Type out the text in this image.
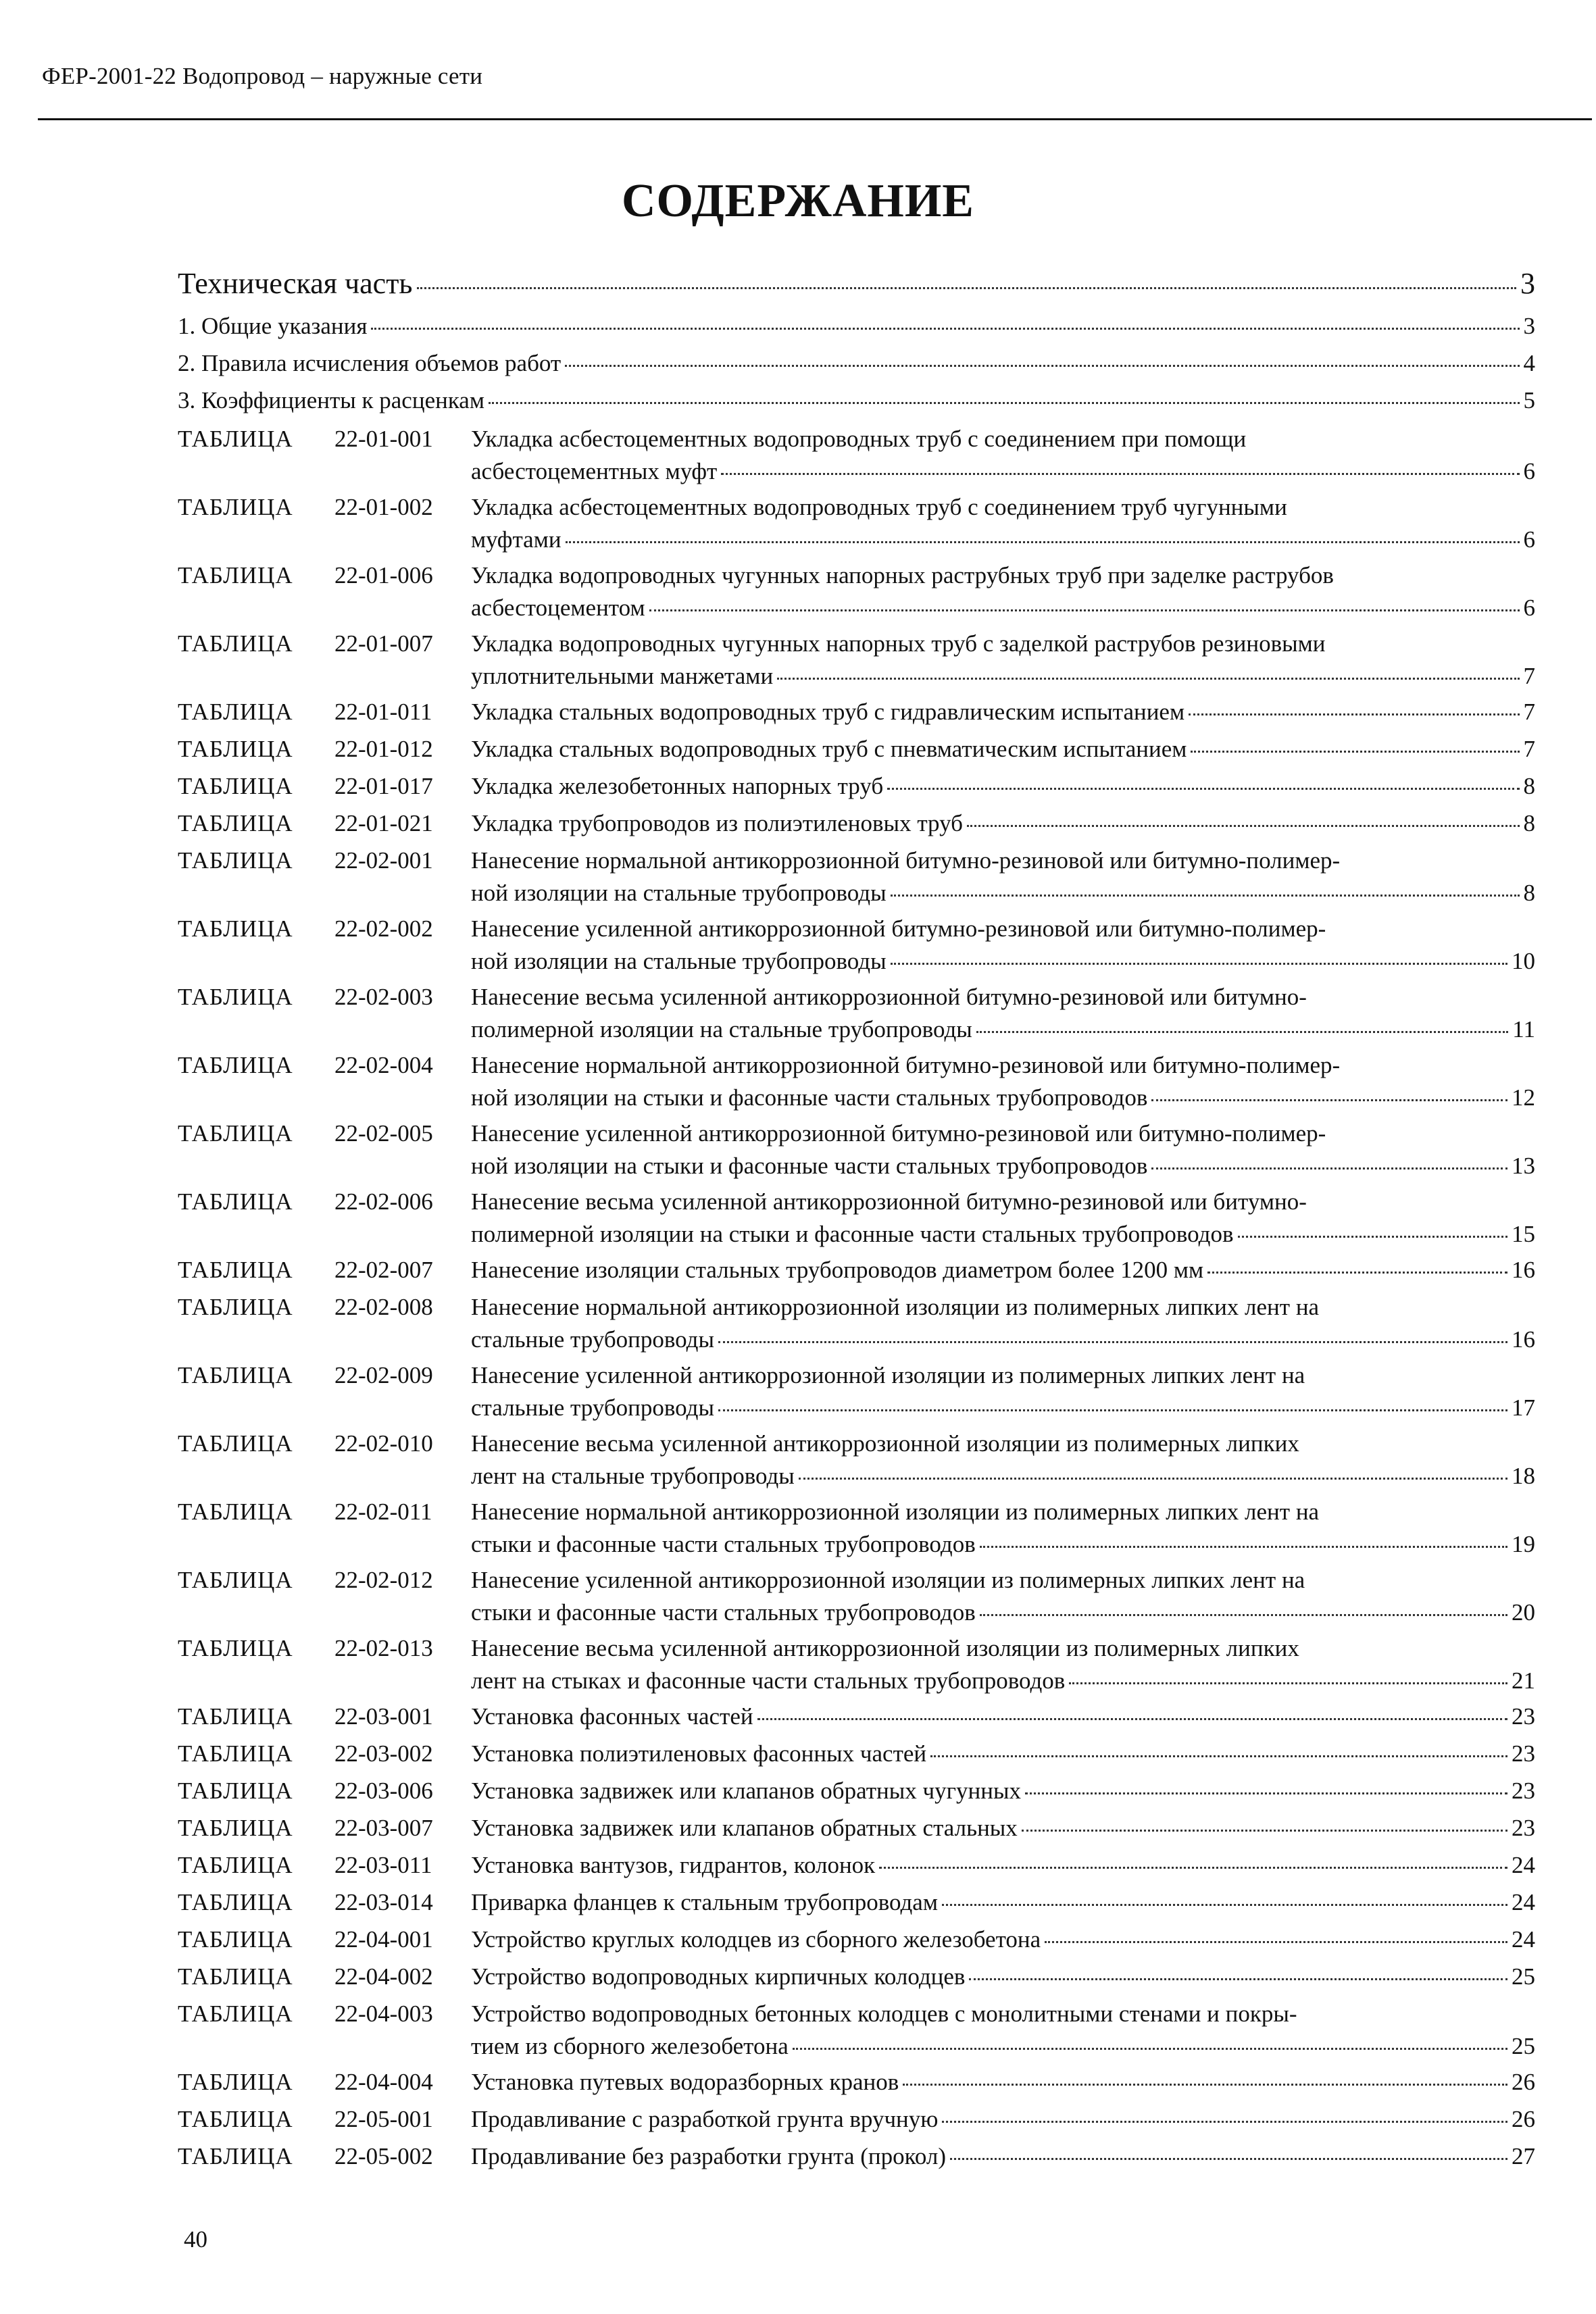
ФЕР-2001-22 Водопровод – наружные сети
СОДЕРЖАНИЕ
Техническая часть	3
1. Общие указания	3
2. Правила исчисления объемов работ	4
3. Коэффициенты к расценкам	5
ТАБЛИЦА 22-01-001 Укладка асбестоцементных водопроводных труб с соединением при помощи
асбестоцементных муфт	6
ТАБЛИЦА 22-01-002 Укладка асбестоцементных водопроводных труб с соединением труб чугунными
муфтами	6
ТАБЛИЦА 22-01-006 Укладка водопроводных чугунных напорных раструбных труб при заделке раструбов
асбестоцементом	6
ТАБЛИЦА 22-01-007 Укладка водопроводных чугунных напорных труб с заделкой раструбов резиновыми
уплотнительными манжетами	7
ТАБЛИЦА 22-01-011 Укладка стальных водопроводных труб с гидравлическим испытанием	7
ТАБЛИЦА 22-01-012 Укладка стальных водопроводных труб с пневматическим испытанием	7
ТАБЛИЦА 22-01-017 Укладка железобетонных напорных труб	8
ТАБЛИЦА 22-01-021 Укладка трубопроводов из полиэтиленовых труб	8
ТАБЛИЦА 22-02-001 Нанесение нормальной антикоррозионной битумно-резиновой или битумно-полимер-
ной изоляции на стальные трубопроводы	8
ТАБЛИЦА 22-02-002 Нанесение усиленной антикоррозионной битумно-резиновой или битумно-полимер-
ной изоляции на стальные трубопроводы	10
ТАБЛИЦА 22-02-003 Нанесение весьма усиленной антикоррозионной битумно-резиновой или битумно-
полимерной изоляции на стальные трубопроводы	11
ТАБЛИЦА 22-02-004 Нанесение нормальной антикоррозионной битумно-резиновой или битумно-полимер-
ной изоляции на стыки и фасонные части стальных трубопроводов	12
ТАБЛИЦА 22-02-005 Нанесение усиленной антикоррозионной битумно-резиновой или битумно-полимер-
ной изоляции на стыки и фасонные части стальных трубопроводов	13
ТАБЛИЦА 22-02-006 Нанесение весьма усиленной антикоррозионной битумно-резиновой или битумно-
полимерной изоляции на стыки и фасонные части стальных трубопроводов	15
ТАБЛИЦА 22-02-007 Нанесение изоляции стальных трубопроводов диаметром более 1200 мм	16
ТАБЛИЦА 22-02-008 Нанесение нормальной антикоррозионной изоляции из полимерных липких лент на
стальные трубопроводы	16
ТАБЛИЦА 22-02-009 Нанесение усиленной антикоррозионной изоляции из полимерных липких лент на
стальные трубопроводы	17
ТАБЛИЦА 22-02-010 Нанесение весьма усиленной антикоррозионной изоляции из полимерных липких
лент на стальные трубопроводы	18
ТАБЛИЦА 22-02-011 Нанесение нормальной антикоррозионной изоляции из полимерных липких лент на
стыки и фасонные части стальных трубопроводов	19
ТАБЛИЦА 22-02-012 Нанесение усиленной антикоррозионной изоляции из полимерных липких лент на
стыки и фасонные части стальных трубопроводов	20
ТАБЛИЦА 22-02-013 Нанесение весьма усиленной антикоррозионной изоляции из полимерных липких
лент на стыках и фасонные части стальных трубопроводов	21
ТАБЛИЦА 22-03-001 Установка фасонных частей	23
ТАБЛИЦА 22-03-002 Установка полиэтиленовых фасонных частей	23
ТАБЛИЦА 22-03-006 Установка задвижек или клапанов обратных чугунных	23
ТАБЛИЦА 22-03-007 Установка задвижек или клапанов обратных стальных	23
ТАБЛИЦА 22-03-011 Установка вантузов, гидрантов, колонок	24
ТАБЛИЦА 22-03-014 Приварка фланцев к стальным трубопроводам	24
ТАБЛИЦА 22-04-001 Устройство круглых колодцев из сборного железобетона	24
ТАБЛИЦА 22-04-002 Устройство водопроводных кирпичных колодцев	25
ТАБЛИЦА 22-04-003 Устройство водопроводных бетонных колодцев с монолитными стенами и покры-
тием из сборного железобетона	25
ТАБЛИЦА 22-04-004 Установка путевых водоразборных кранов	26
ТАБЛИЦА 22-05-001 Продавливание с разработкой грунта вручную	26
ТАБЛИЦА 22-05-002 Продавливание без разработки грунта (прокол)	27
40
